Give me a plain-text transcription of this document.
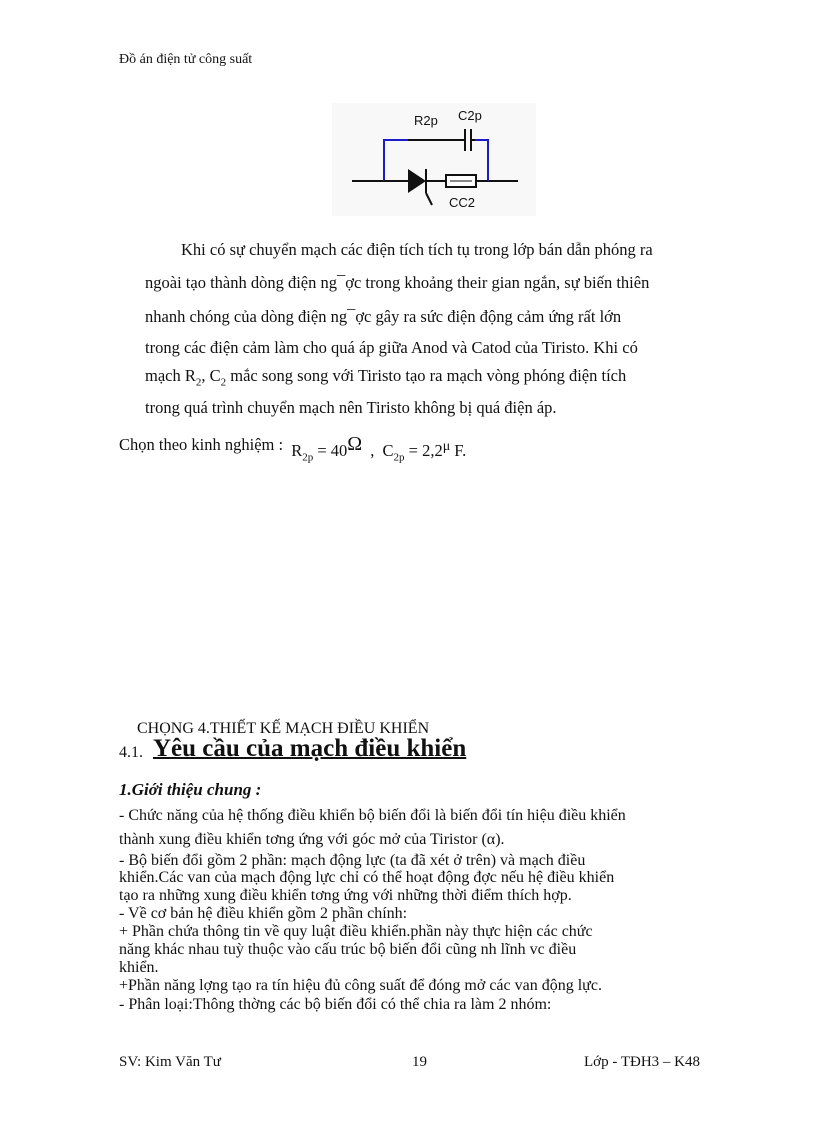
Đồ án điện tử công suất
R2p C2p
CC2
Khi có sự chuyển mạch các điện tích tích tụ trong lớp bán dẫn phóng ra
ngoài tạo thành dòng điện ng¯ợc trong khoảng their gian ngắn, sự biến thiên
nhanh chóng của dòng điện ng¯ợc gây ra sức điện động cảm ứng rất lớn
trong các điện cảm làm cho quá áp giữa Anod và Catod của Tiristo. Khi có
mạch $R_2$, $C_2$ mắc song song với Tiristo tạo ra mạch vòng phóng điện tích
trong quá trình chuyển mạch nên Tiristo không bị quá điện áp.
Chọn theo kinh nghiệm : $R_{2p} = 40\Omega$ , $C_{2p} = 2,2\mu$ F.
CHỌNG 4.THIẾT KẾ MẠCH ĐIỀU KHIỂN
4.1. Yêu cầu của mạch điều khiển
1.Giới thiệu chung :
- Chức năng của hệ thống điều khiển bộ biến đổi là biến đổi tín hiệu điều khiển
thành xung điều khiển tơng ứng với góc mở của Tiristor (α).
- Bộ biến đổi gồm 2 phần: mạch động lực (ta đã xét ở trên) và mạch điều
khiển.Các van của mạch động lực chỉ có thể hoạt động đợc nếu hệ điều khiển
tạo ra những xung điều khiển tơng ứng với những thời điểm thích hợp.
- Về cơ bản hệ điều khiển gồm 2 phần chính:
+ Phần chứa thông tin về quy luật điều khiển.phần này thực hiện các chức
năng khác nhau tuỳ thuộc vào cấu trúc bộ biến đổi cũng nh lĩnh vc điều
khiển.
+Phần năng lợng tạo ra tín hiệu đủ công suất để đóng mở các van động lực.
- Phân loại:Thông thờng các bộ biến đổi có thể chia ra làm 2 nhóm:
SV: Kim Văn Tư	19	Lớp - TĐH3 – K48
